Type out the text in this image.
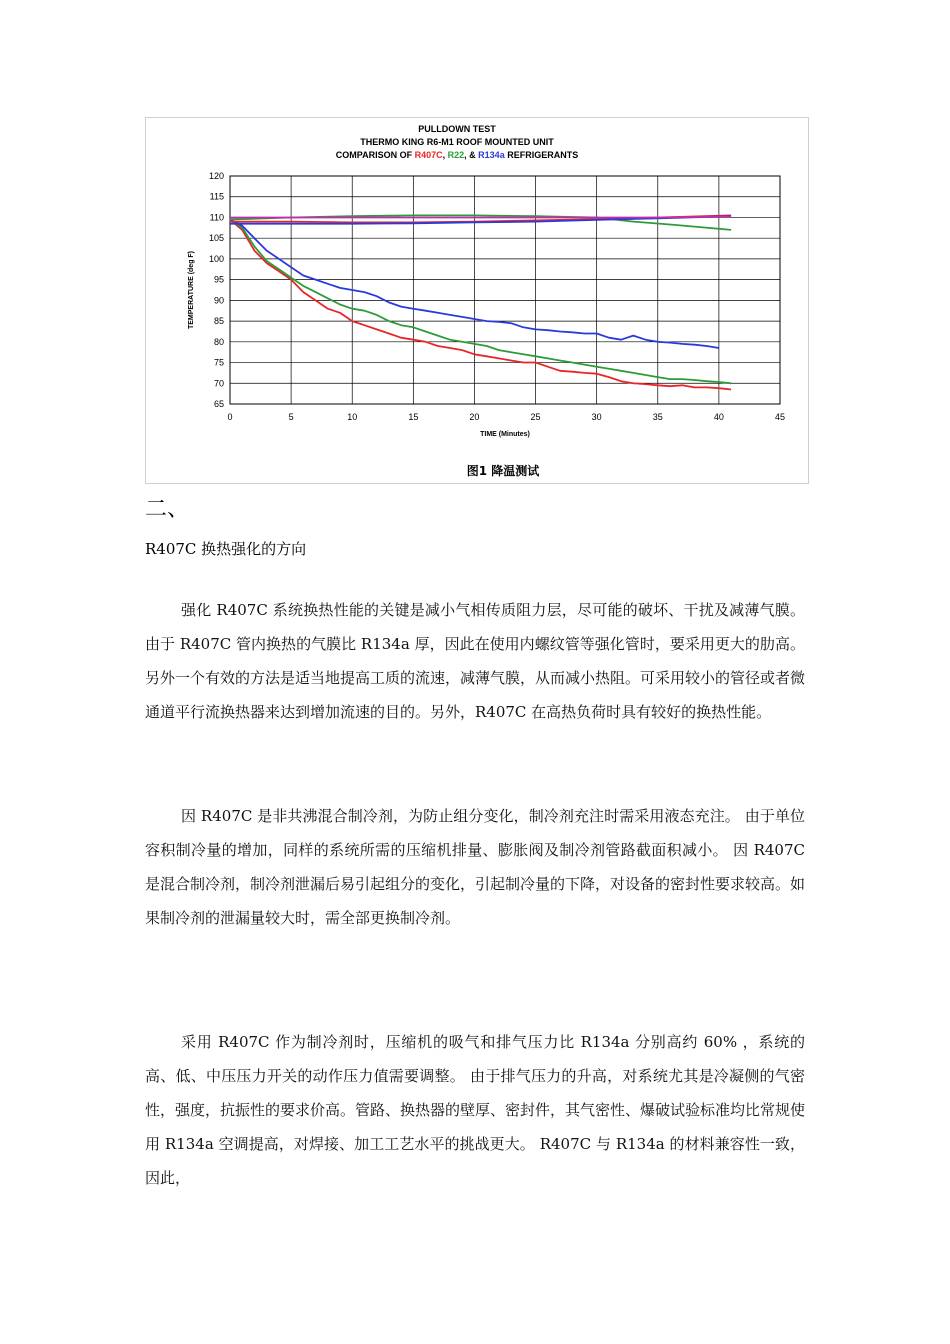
PULLDOWN TEST
THERMO KING R6-M1 ROOF MOUNTED UNIT
COMPARISON OF R407C, R22, & R134a REFRIGERANTS
0	5	10	15	20	25	30	35	40	45
65
70
75
80
85
90
95
100
105
110
115
120
TIME (Minutes)
TEMPERATURE (deg F)
图1 降温测试
二、
R407C 换热强化的方向

强化 R407C 系统换热性能的关键是减小气相传质阻力层，尽可能的破坏、干扰及减薄气膜。由于 R407C 管内换热的气膜比 R134a 厚，因此在使用内螺纹管等强化管时，要采用更大的肋高。另外一个有效的方法是适当地提高工质的流速，减薄气膜，从而减小热阻。可采用较小的管径或者微通道平行流换热器来达到增加流速的目的。另外，R407C 在高热负荷时具有较好的换热性能。

因 R407C 是非共沸混合制冷剂，为防止组分变化，制冷剂充注时需采用液态充注。 由于单位容积制冷量的增加，同样的系统所需的压缩机排量、膨胀阀及制冷剂管路截面积减小。 因 R407C 是混合制冷剂，制冷剂泄漏后易引起组分的变化，引起制冷量的下降，对设备的密封性要求较高。如果制冷剂的泄漏量较大时，需全部更换制冷剂。

采用 R407C 作为制冷剂时，压缩机的吸气和排气压力比 R134a 分别高约 60% ，系统的高、低、中压压力开关的动作压力值需要调整。 由于排气压力的升高，对系统尤其是冷凝侧的气密性，强度，抗振性的要求价高。管路、换热器的壁厚、密封件，其气密性、爆破试验标准均比常规使用 R134a 空调提高，对焊接、加工工艺水平的挑战更大。 R407C 与 R134a 的材料兼容性一致，因此，
